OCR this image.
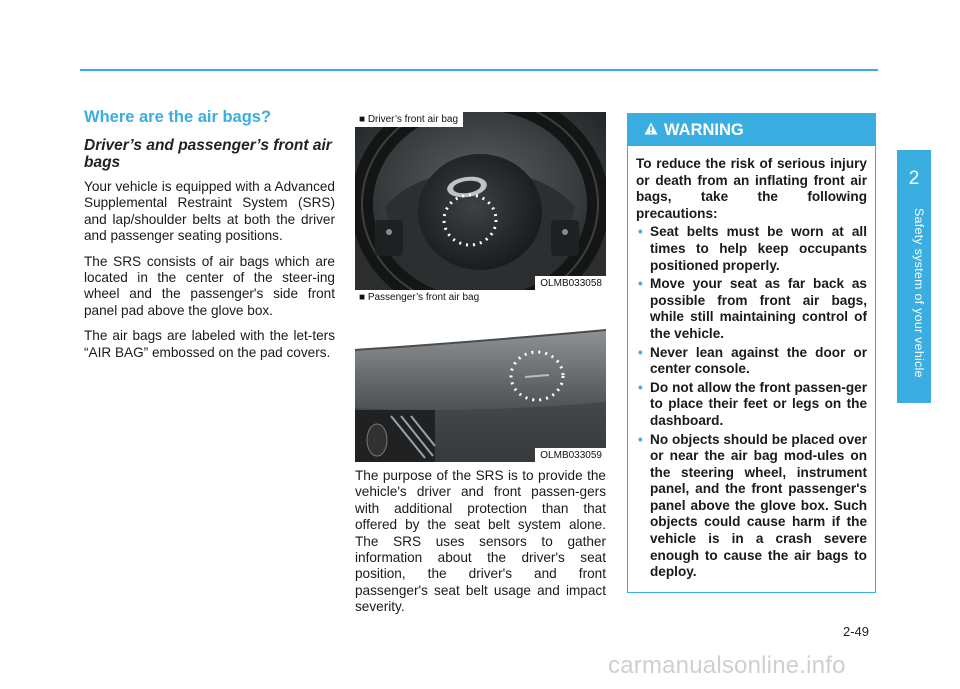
Where are the air bags?
Driver’s and passenger’s front air bags

Your vehicle is equipped with a Advanced Supplemental Restraint System (SRS) and lap/shoulder belts at both the driver and passenger seating positions.

The SRS consists of air bags which are located in the center of the steer-ing wheel and the passenger's side front panel pad above the glove box.

The air bags are labeled with the let-ters “AIR BAG” embossed on the pad covers.

■ Driver’s front air bag
OLMB033058
■ Passenger’s front air bag
OLMB033059

The purpose of the SRS is to provide the vehicle's driver and front passen-gers with additional protection than that offered by the seat belt system alone. The SRS uses sensors to gather information about the driver's seat position, the driver's and front passenger's seat belt usage and impact severity.

WARNING

To reduce the risk of serious injury or death from an inflating front air bags, take the following precautions:

• Seat belts must be worn at all times to help keep occupants positioned properly.
• Move your seat as far back as possible from front air bags, while still maintaining control of the vehicle.
• Never lean against the door or center console.
• Do not allow the front passen-ger to place their feet or legs on the dashboard.
• No objects should be placed over or near the air bag mod-ules on the steering wheel, instrument panel, and the front passenger's panel above the glove box. Such objects could cause harm if the vehicle is in a crash severe enough to cause the air bags to deploy.
2
Safety system of your vehicle
2-49
carmanualsonline.info
